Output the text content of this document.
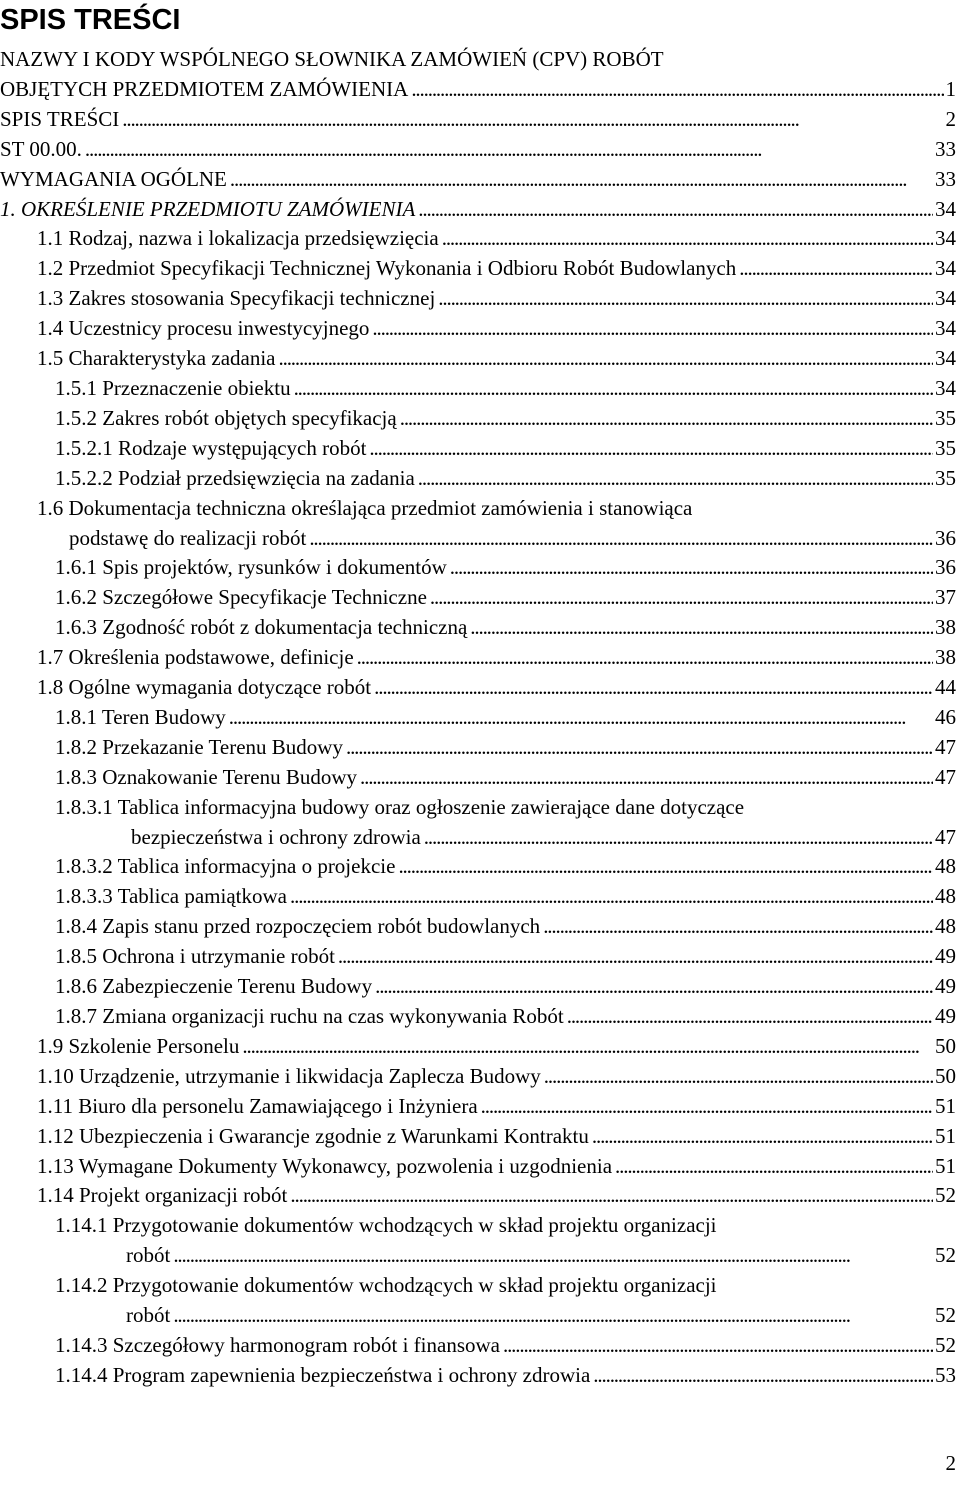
SPIS TREŚCI
NAZWY I KODY WSPÓLNEGO SŁOWNIKA ZAMÓWIEŃ (CPV) ROBÓT
OBJĘTYCH PRZEDMIOTEM ZAMÓWIENIA . . .	1
SPIS TREŚCI . . .	2
ST 00.00. . . .	33
WYMAGANIA OGÓLNE . . .	33
1. OKREŚLENIE PRZEDMIOTU ZAMÓWIENIA . . .	34
1.1 Rodzaj, nazwa i lokalizacja przedsięwzięcia . . .	34
1.2 Przedmiot Specyfikacji Technicznej Wykonania i Odbioru Robót Budowlanych . . .	34
1.3 Zakres stosowania Specyfikacji technicznej . . .	34
1.4 Uczestnicy procesu inwestycyjnego . . .	34
1.5 Charakterystyka zadania . . .	34
1.5.1 Przeznaczenie obiektu . . .	34
1.5.2 Zakres robót objętych specyfikacją . . .	35
1.5.2.1 Rodzaje występujących robót . . .	35
1.5.2.2 Podział przedsięwzięcia na zadania . . .	35
1.6 Dokumentacja techniczna określająca przedmiot zamówienia i stanowiąca
podstawę do realizacji robót . . .	36
1.6.1 Spis projektów, rysunków i dokumentów . . .	36
1.6.2 Szczegółowe Specyfikacje Techniczne . . .	37
1.6.3 Zgodność robót z dokumentacja techniczną . . .	38
1.7 Określenia podstawowe, definicje . . .	38
1.8 Ogólne wymagania dotyczące robót . . .	44
1.8.1 Teren Budowy . . .	46
1.8.2 Przekazanie Terenu Budowy . . .	47
1.8.3 Oznakowanie Terenu Budowy . . .	47
1.8.3.1 Tablica informacyjna budowy oraz ogłoszenie zawierające dane dotyczące
bezpieczeństwa i ochrony zdrowia . . .	47
1.8.3.2 Tablica informacyjna o projekcie . . .	48
1.8.3.3 Tablica pamiątkowa . . .	48
1.8.4 Zapis stanu przed rozpoczęciem robót budowlanych . . .	48
1.8.5 Ochrona i utrzymanie robót . . .	49
1.8.6 Zabezpieczenie Terenu Budowy . . .	49
1.8.7 Zmiana organizacji ruchu na czas wykonywania Robót . . .	49
1.9 Szkolenie Personelu . . .	50
1.10 Urządzenie, utrzymanie i likwidacja Zaplecza Budowy . . .	50
1.11 Biuro dla personelu Zamawiającego i Inżyniera . . .	51
1.12 Ubezpieczenia i Gwarancje zgodnie z Warunkami Kontraktu . . .	51
1.13 Wymagane Dokumenty Wykonawcy, pozwolenia i uzgodnienia . . .	51
1.14 Projekt organizacji robót . . .	52
1.14.1 Przygotowanie dokumentów wchodzących w skład projektu organizacji
robót . . .	52
1.14.2 Przygotowanie dokumentów wchodzących w skład projektu organizacji
robót . . .	52
1.14.3 Szczegółowy harmonogram robót i finansowa . . .	52
1.14.4 Program zapewnienia bezpieczeństwa i ochrony zdrowia . . .	53
2
